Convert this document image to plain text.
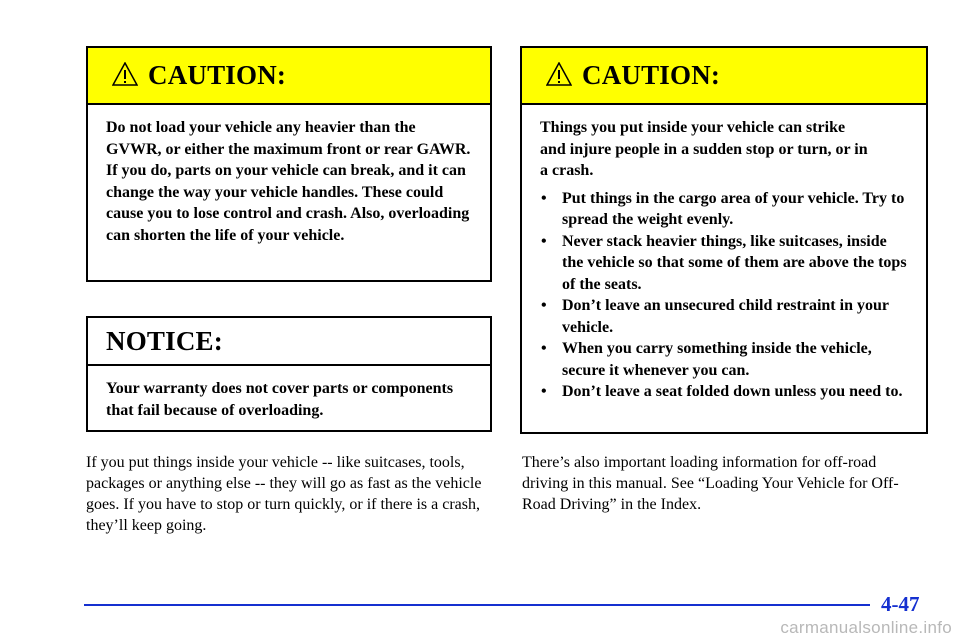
CAUTION:
Do not load your vehicle any heavier than the GVWR, or either the maximum front or rear GAWR. If you do, parts on your vehicle can break, and it can change the way your vehicle handles. These could cause you to lose control and crash. Also, overloading can shorten the life of your vehicle.
NOTICE:
Your warranty does not cover parts or components that fail because of overloading.

If you put things inside your vehicle -- like suitcases, tools, packages or anything else -- they will go as fast as the vehicle goes. If you have to stop or turn quickly, or if there is a crash, they’ll keep going.

CAUTION:
Things you put inside your vehicle can strike and injure people in a sudden stop or turn, or in a crash.
• Put things in the cargo area of your vehicle. Try to spread the weight evenly.
• Never stack heavier things, like suitcases, inside the vehicle so that some of them are above the tops of the seats.
• Don’t leave an unsecured child restraint in your vehicle.
• When you carry something inside the vehicle, secure it whenever you can.
• Don’t leave a seat folded down unless you need to.

There’s also important loading information for off-road driving in this manual. See “Loading Your Vehicle for Off-Road Driving” in the Index.

4-47
carmanualsonline.info
